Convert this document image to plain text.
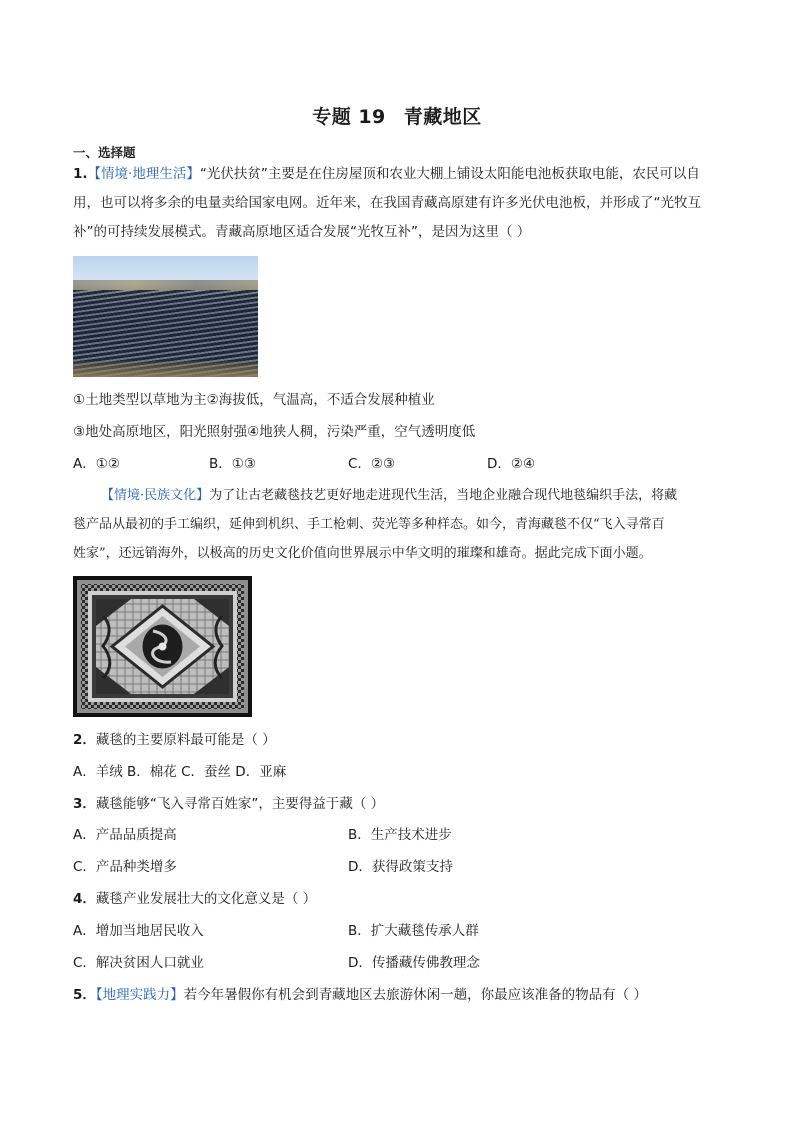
专题 19 青藏地区
一、选择题
1.【情境·地理生活】“光伏扶贫”主要是在住房屋顶和农业大棚上铺设太阳能电池板获取电能，农民可以自
用，也可以将多余的电量卖给国家电网。近年来，在我国青藏高原建有许多光伏电池板，并形成了“光牧互
补”的可持续发展模式。青藏高原地区适合发展“光牧互补”，是因为这里（ ）
①土地类型以草地为主②海拔低，气温高，不适合发展种植业
③地处高原地区，阳光照射强④地狭人稠，污染严重，空气透明度低
A．①②	B．①③	C．②③	D．②④
【情境·民族文化】为了让古老藏毯技艺更好地走进现代生活，当地企业融合现代地毯编织手法，将藏
毯产品从最初的手工编织，延伸到机织、手工枪刺、荧光等多种样态。如今，青海藏毯不仅“飞入寻常百
姓家”，还远销海外，以极高的历史文化价值向世界展示中华文明的璀璨和雄奇。据此完成下面小题。
2．藏毯的主要原料最可能是（ ）
A．羊绒 B．棉花 C．蚕丝 D．亚麻
3．藏毯能够“飞入寻常百姓家”，主要得益于藏（ ）
A．产品品质提高	B．生产技术进步
C．产品种类增多	D．获得政策支持
4．藏毯产业发展壮大的文化意义是（ ）
A．增加当地居民收入	B．扩大藏毯传承人群
C．解决贫困人口就业	D．传播藏传佛教理念
5．【地理实践力】若今年暑假你有机会到青藏地区去旅游休闲一趟，你最应该准备的物品有（ ）
